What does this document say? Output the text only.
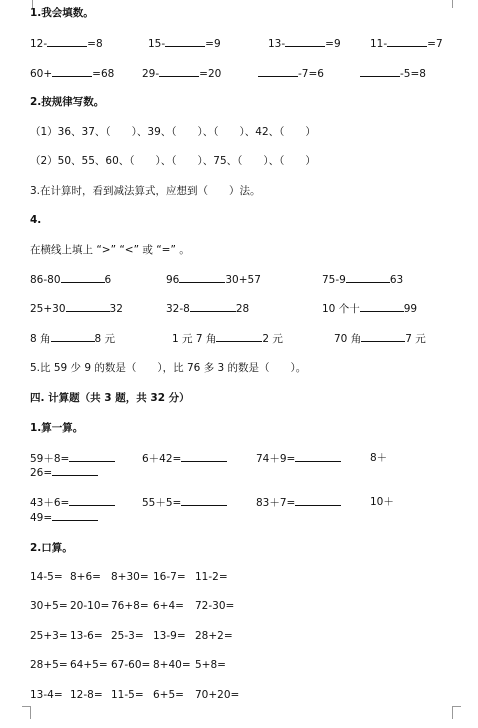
1.我会填数。
12-	=8	15-	=9	13-	=9	11-	=7
60+	=68	29-	=20	-7=6	-5=8
2.按规律写数。
（1）36、37、（　　）、39、（　　）、（　　）、42、（　　）
（2）50、55、60、（　　）、（　　）、75、（　　）、（　　）
3.在计算时，看到减法算式，应想到（　　）法。
4.
在横线上填上 “>” “<” 或 “=” 。
86-80	6	96	30+57	75-9	63
25+30	32	32-8	28	10 个十	99
8 角	8 元	1 元 7 角	2 元	70 角	7 元
5.比 59 少 9 的数是（　　），比 76 多 3 的数是（　　）。
四. 计算题（共 3 题，共 32 分）
1.算一算。
59＋8=	6＋42=	74＋9=	8＋
26=
43＋6=	55＋5=	83＋7=	10＋
49=
2.口算。
14-5= 8+6= 8+30= 16-7= 11-2=
30+5= 20-10= 76+8= 6+4= 72-30=
25+3= 13-6= 25-3= 13-9= 28+2=
28+5= 64+5= 67-60= 8+40= 5+8=
13-4= 12-8= 11-5= 6+5= 70+20=
